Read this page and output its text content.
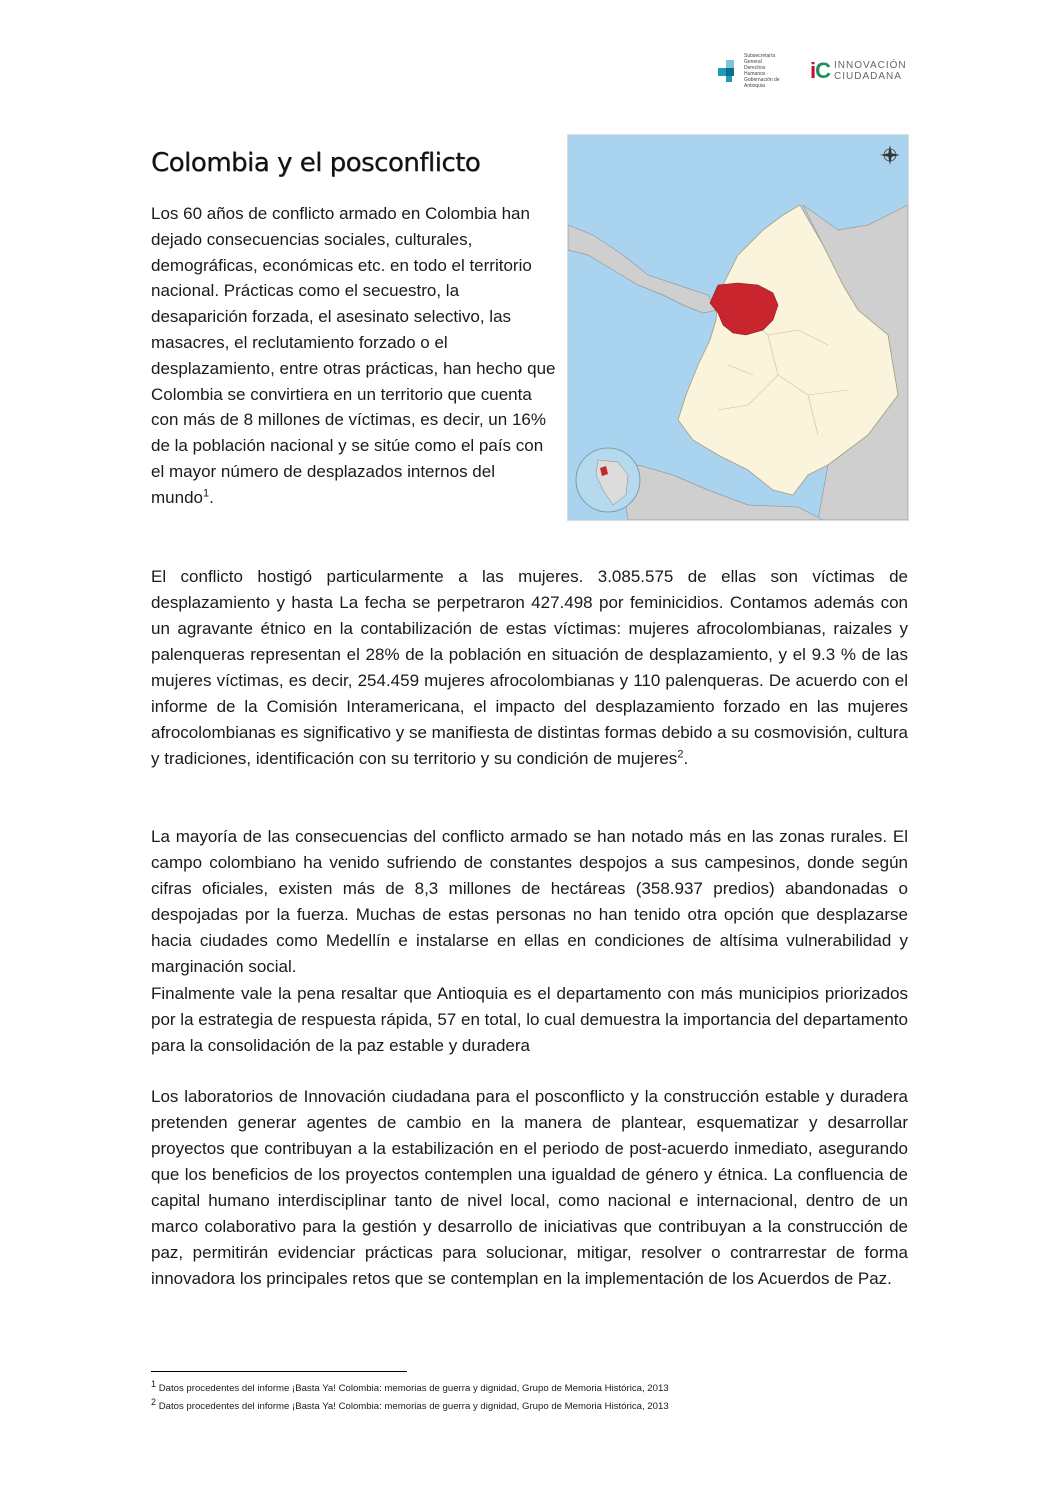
Subsecretaría General Derechos Humanos · Gobernación de Antioquia
iC INNOVACIÓN
CIUDADANA
Colombia y el posconflicto

Los 60 años de conflicto armado en Colombia han dejado consecuencias sociales, culturales, demográficas, económicas etc. en todo el territorio nacional. Prácticas como el secuestro, la desaparición forzada, el asesinato selectivo, las masacres, el reclutamiento forzado o el desplazamiento, entre otras prácticas, han hecho que Colombia se convirtiera en un territorio que cuenta con más de 8 millones de víctimas, es decir, un 16% de la población nacional y se sitúe como el país con el mayor número de desplazados internos del mundo$^1$.

El conflicto hostigó particularmente a las mujeres. 3.085.575 de ellas son víctimas de desplazamiento y hasta La fecha se perpetraron 427.498 por feminicidios. Contamos además con un agravante étnico en la contabilización de estas víctimas: mujeres afrocolombianas, raizales y palenqueras representan el 28% de la población en situación de desplazamiento, y el 9.3 % de las mujeres víctimas, es decir, 254.459 mujeres afrocolombianas y 110 palenqueras. De acuerdo con el informe de la Comisión Interamericana, el impacto del desplazamiento forzado en las mujeres afrocolombianas es significativo y se manifiesta de distintas formas debido a su cosmovisión, cultura y tradiciones, identificación con su territorio y su condición de mujeres$^2$.

La mayoría de las consecuencias del conflicto armado se han notado más en las zonas rurales. El campo colombiano ha venido sufriendo de constantes despojos a sus campesinos, donde según cifras oficiales, existen más de 8,3 millones de hectáreas (358.937 predios) abandonadas o despojadas por la fuerza. Muchas de estas personas no han tenido otra opción que desplazarse hacia ciudades como Medellín e instalarse en ellas en condiciones de altísima vulnerabilidad y marginación social.

Finalmente vale la pena resaltar que Antioquia es el departamento con más municipios priorizados por la estrategia de respuesta rápida, 57 en total, lo cual demuestra la importancia del departamento para la consolidación de la paz estable y duradera

Los laboratorios de Innovación ciudadana para el posconflicto y la construcción estable y duradera pretenden generar agentes de cambio en la manera de plantear, esquematizar y desarrollar proyectos que contribuyan a la estabilización en el periodo de post-acuerdo inmediato, asegurando que los beneficios de los proyectos contemplen una igualdad de género y étnica. La confluencia de capital humano interdisciplinar tanto de nivel local, como nacional e internacional, dentro de un marco colaborativo para la gestión y desarrollo de iniciativas que contribuyan a la construcción de paz, permitirán evidenciar prácticas para solucionar, mitigar, resolver o contrarrestar de forma innovadora los principales retos que se contemplan en la implementación de los Acuerdos de Paz.

$^1$ Datos procedentes del informe ¡Basta Ya! Colombia: memorias de guerra y dignidad, Grupo de Memoria Histórica, 2013

$^2$ Datos procedentes del informe ¡Basta Ya! Colombia: memorias de guerra y dignidad, Grupo de Memoria Histórica, 2013
